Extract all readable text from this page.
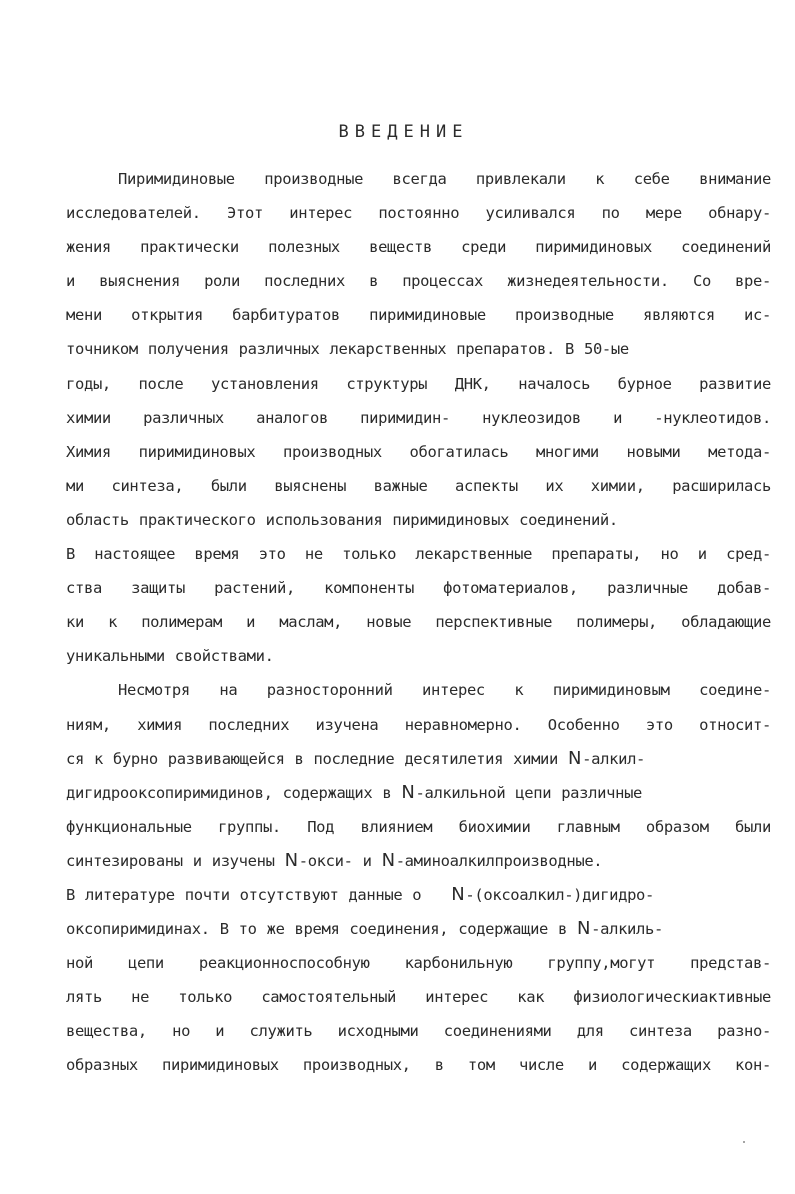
ВВЕДЕНИЕ
Пиримидиновые производные всегда привлекали к себе внимание
исследователей. Этот интерес постоянно усиливался по мере обнару-
жения практически полезных веществ среди пиримидиновых соединений
и выяснения роли последних в процессах жизнедеятельности. Со вре-
мени открытия барбитуратов пиримидиновые производные являются ис-
точником получения различных лекарственных препаратов. В 50-ые
годы, после установления структуры ДНК, началось бурное развитие
химии различных аналогов пиримидин- нуклеозидов и -нуклеотидов.
Химия пиримидиновых производных обогатилась многими новыми метода-
ми синтеза, были выяснены важные аспекты их химии, расширилась
область практического использования пиримидиновых соединений.
В настоящее время это не только лекарственные препараты, но и сред-
ства защиты растений, компоненты фотоматериалов, различные добав-
ки к полимерам и маслам, новые перспективные полимеры, обладающие
уникальными свойствами.
Несмотря на разносторонний интерес к пиримидиновым соедине-
ниям, химия последних изучена неравномерно. Особенно это относит-
ся к бурно развивающейся в последние десятилетия химии N-алкил-
дигидрооксопиримидинов, содержащих в N-алкильной цепи различные
функциональные группы. Под влиянием биохимии главным образом были
синтезированы и изучены N-окси- и N-аминоалкилпроизводные.
В литературе почти отсутствуют данные о  N-(оксоалкил-)дигидро-
оксопиримидинах. В то же время соединения, содержащие в N-алкиль-
ной цепи реакционноспособную карбонильную группу,могут представ-
лять не только самостоятельный интерес как физиологическиактивные
вещества, но и служить исходными соединениями для синтеза разно-
образных пиримидиновых производных, в том числе и содержащих кон-
